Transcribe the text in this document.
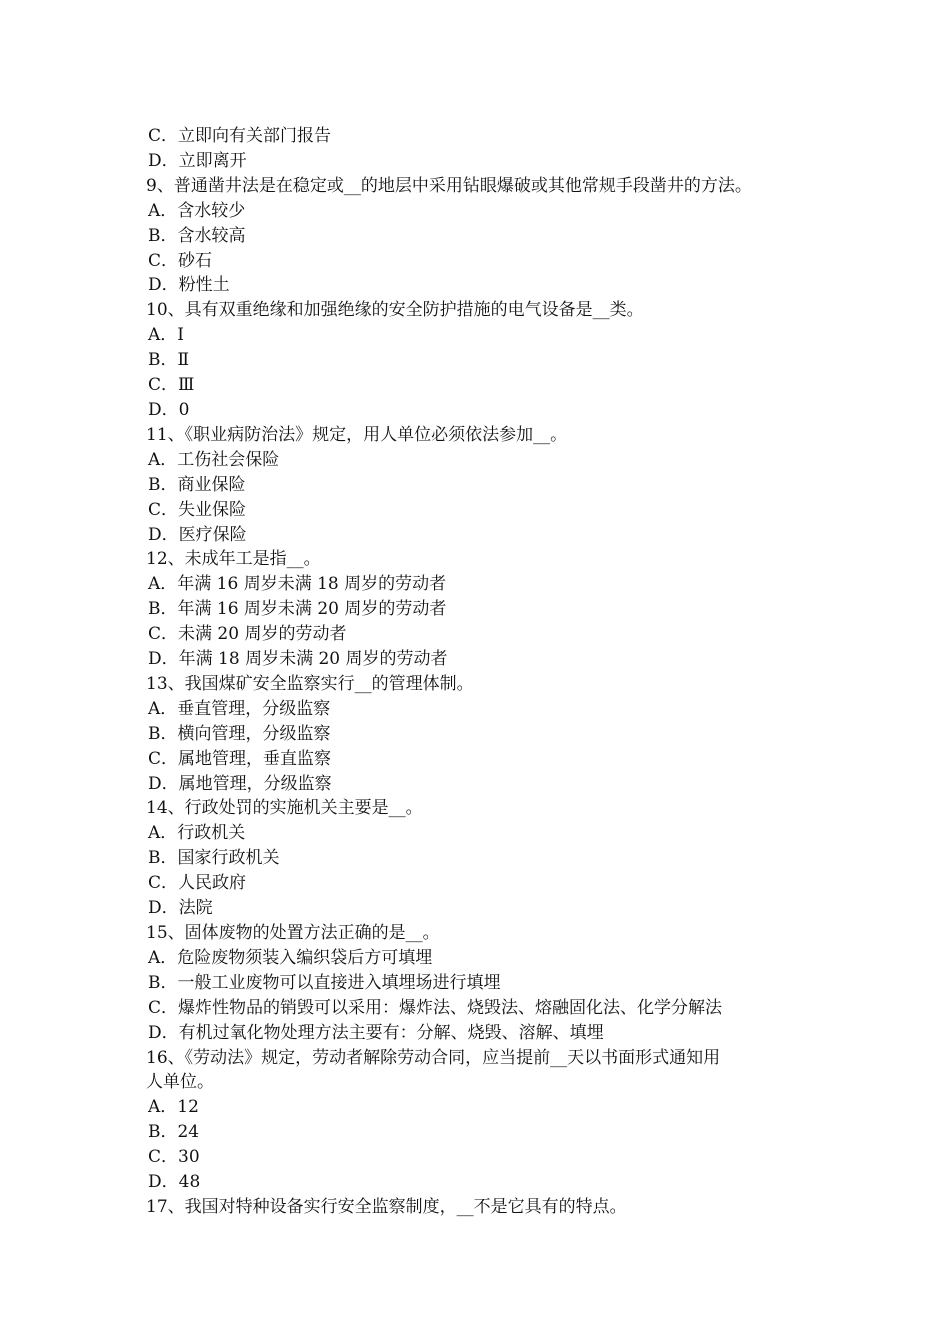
C．立即向有关部门报告
D．立即离开
9、普通凿井法是在稳定或__的地层中采用钻眼爆破或其他常规手段凿井的方法。
A．含水较少
B．含水较高
C．砂石
D．粉性土
10、具有双重绝缘和加强绝缘的安全防护措施的电气设备是__类。
A．Ⅰ
B．Ⅱ
C．Ⅲ
D．0
11、《职业病防治法》规定，用人单位必须依法参加__。
A．工伤社会保险
B．商业保险
C．失业保险
D．医疗保险
12、未成年工是指__。
A．年满 16 周岁未满 18 周岁的劳动者
B．年满 16 周岁未满 20 周岁的劳动者
C．未满 20 周岁的劳动者
D．年满 18 周岁未满 20 周岁的劳动者
13、我国煤矿安全监察实行__的管理体制。
A．垂直管理，分级监察
B．横向管理，分级监察
C．属地管理，垂直监察
D．属地管理，分级监察
14、行政处罚的实施机关主要是__。
A．行政机关
B．国家行政机关
C．人民政府
D．法院
15、固体废物的处置方法正确的是__。
A．危险废物须装入编织袋后方可填埋
B．一般工业废物可以直接进入填埋场进行填埋
C．爆炸性物品的销毁可以采用：爆炸法、烧毁法、熔融固化法、化学分解法
D．有机过氧化物处理方法主要有：分解、烧毁、溶解、填埋
16、《劳动法》规定，劳动者解除劳动合同，应当提前__天以书面形式通知用
人单位。
A．12
B．24
C．30
D．48
17、我国对特种设备实行安全监察制度，__不是它具有的特点。
